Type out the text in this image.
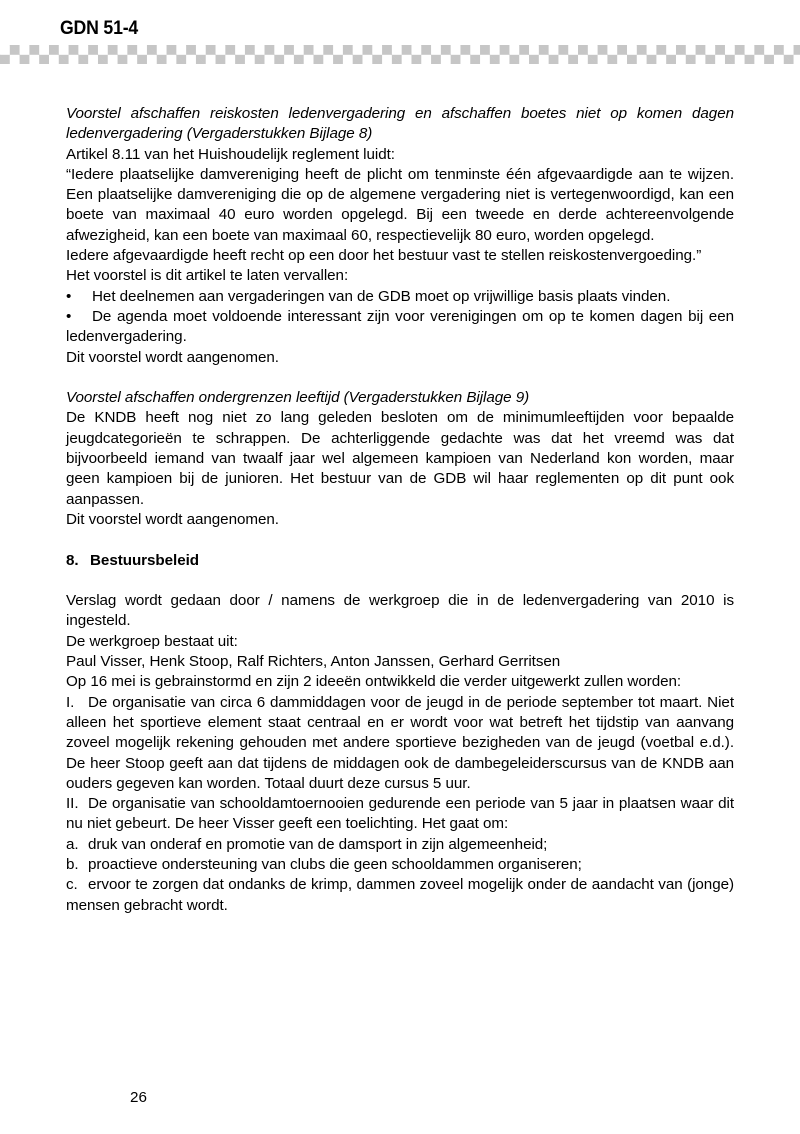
GDN 51-4

Voorstel afschaffen reiskosten ledenvergadering en afschaffen boetes niet op komen dagen ledenvergadering (Vergaderstukken Bijlage 8)

Artikel 8.11 van het Huishoudelijk reglement luidt:

“Iedere plaatselijke damvereniging heeft de plicht om tenminste één afgevaardigde aan te wijzen. Een plaatselijke damvereniging die op de algemene vergadering niet is vertegenwoordigd, kan een boete van maximaal 40 euro worden opgelegd. Bij een tweede en derde achtereenvolgende afwezigheid, kan een boete van maximaal 60, respectievelijk 80 euro, worden opgelegd.

Iedere afgevaardigde heeft recht op een door het bestuur vast te stellen reiskostenvergoeding.”

Het voorstel is dit artikel te laten vervallen:

• Het deelnemen aan vergaderingen van de GDB moet op vrijwillige basis plaats vinden.

• De agenda moet voldoende interessant zijn voor verenigingen om op te komen dagen bij een ledenvergadering.

Dit voorstel wordt aangenomen.

Voorstel afschaffen ondergrenzen leeftijd (Vergaderstukken Bijlage 9)

De KNDB heeft nog niet zo lang geleden besloten om de minimumleeftijden voor bepaalde jeugdcategorieën te schrappen. De achterliggende gedachte was dat het vreemd was dat bijvoorbeeld iemand van twaalf jaar wel algemeen kampioen van Nederland kon worden, maar geen kampioen bij de junioren. Het bestuur van de GDB wil haar reglementen op dit punt ook aanpassen.

Dit voorstel wordt aangenomen.

8. Bestuursbeleid

Verslag wordt gedaan door / namens de werkgroep die in de ledenvergadering van 2010 is ingesteld.

De werkgroep bestaat uit:

Paul Visser, Henk Stoop, Ralf Richters, Anton Janssen, Gerhard Gerritsen

Op 16 mei is gebrainstormd en zijn 2 ideeën ontwikkeld die verder uitgewerkt zullen worden:

I. De organisatie van circa 6 dammiddagen voor de jeugd in de periode september tot maart. Niet alleen het sportieve element staat centraal en er wordt voor wat betreft het tijdstip van aanvang zoveel mogelijk rekening gehouden met andere sportieve bezigheden van de jeugd (voetbal e.d.). De heer Stoop geeft aan dat tijdens de middagen ook de dambegeleiderscursus van de KNDB aan ouders gegeven kan worden. Totaal duurt deze cursus 5 uur.

II. De organisatie van schooldamtoernooien gedurende een periode van 5 jaar in plaatsen waar dit nu niet gebeurt. De heer Visser geeft een toelichting. Het gaat om:

a. druk van onderaf en promotie van de damsport in zijn algemeenheid;

b. proactieve ondersteuning van clubs die geen schooldammen organiseren;

c. ervoor te zorgen dat ondanks de krimp, dammen zoveel mogelijk onder de aandacht van (jonge) mensen gebracht wordt.

26
